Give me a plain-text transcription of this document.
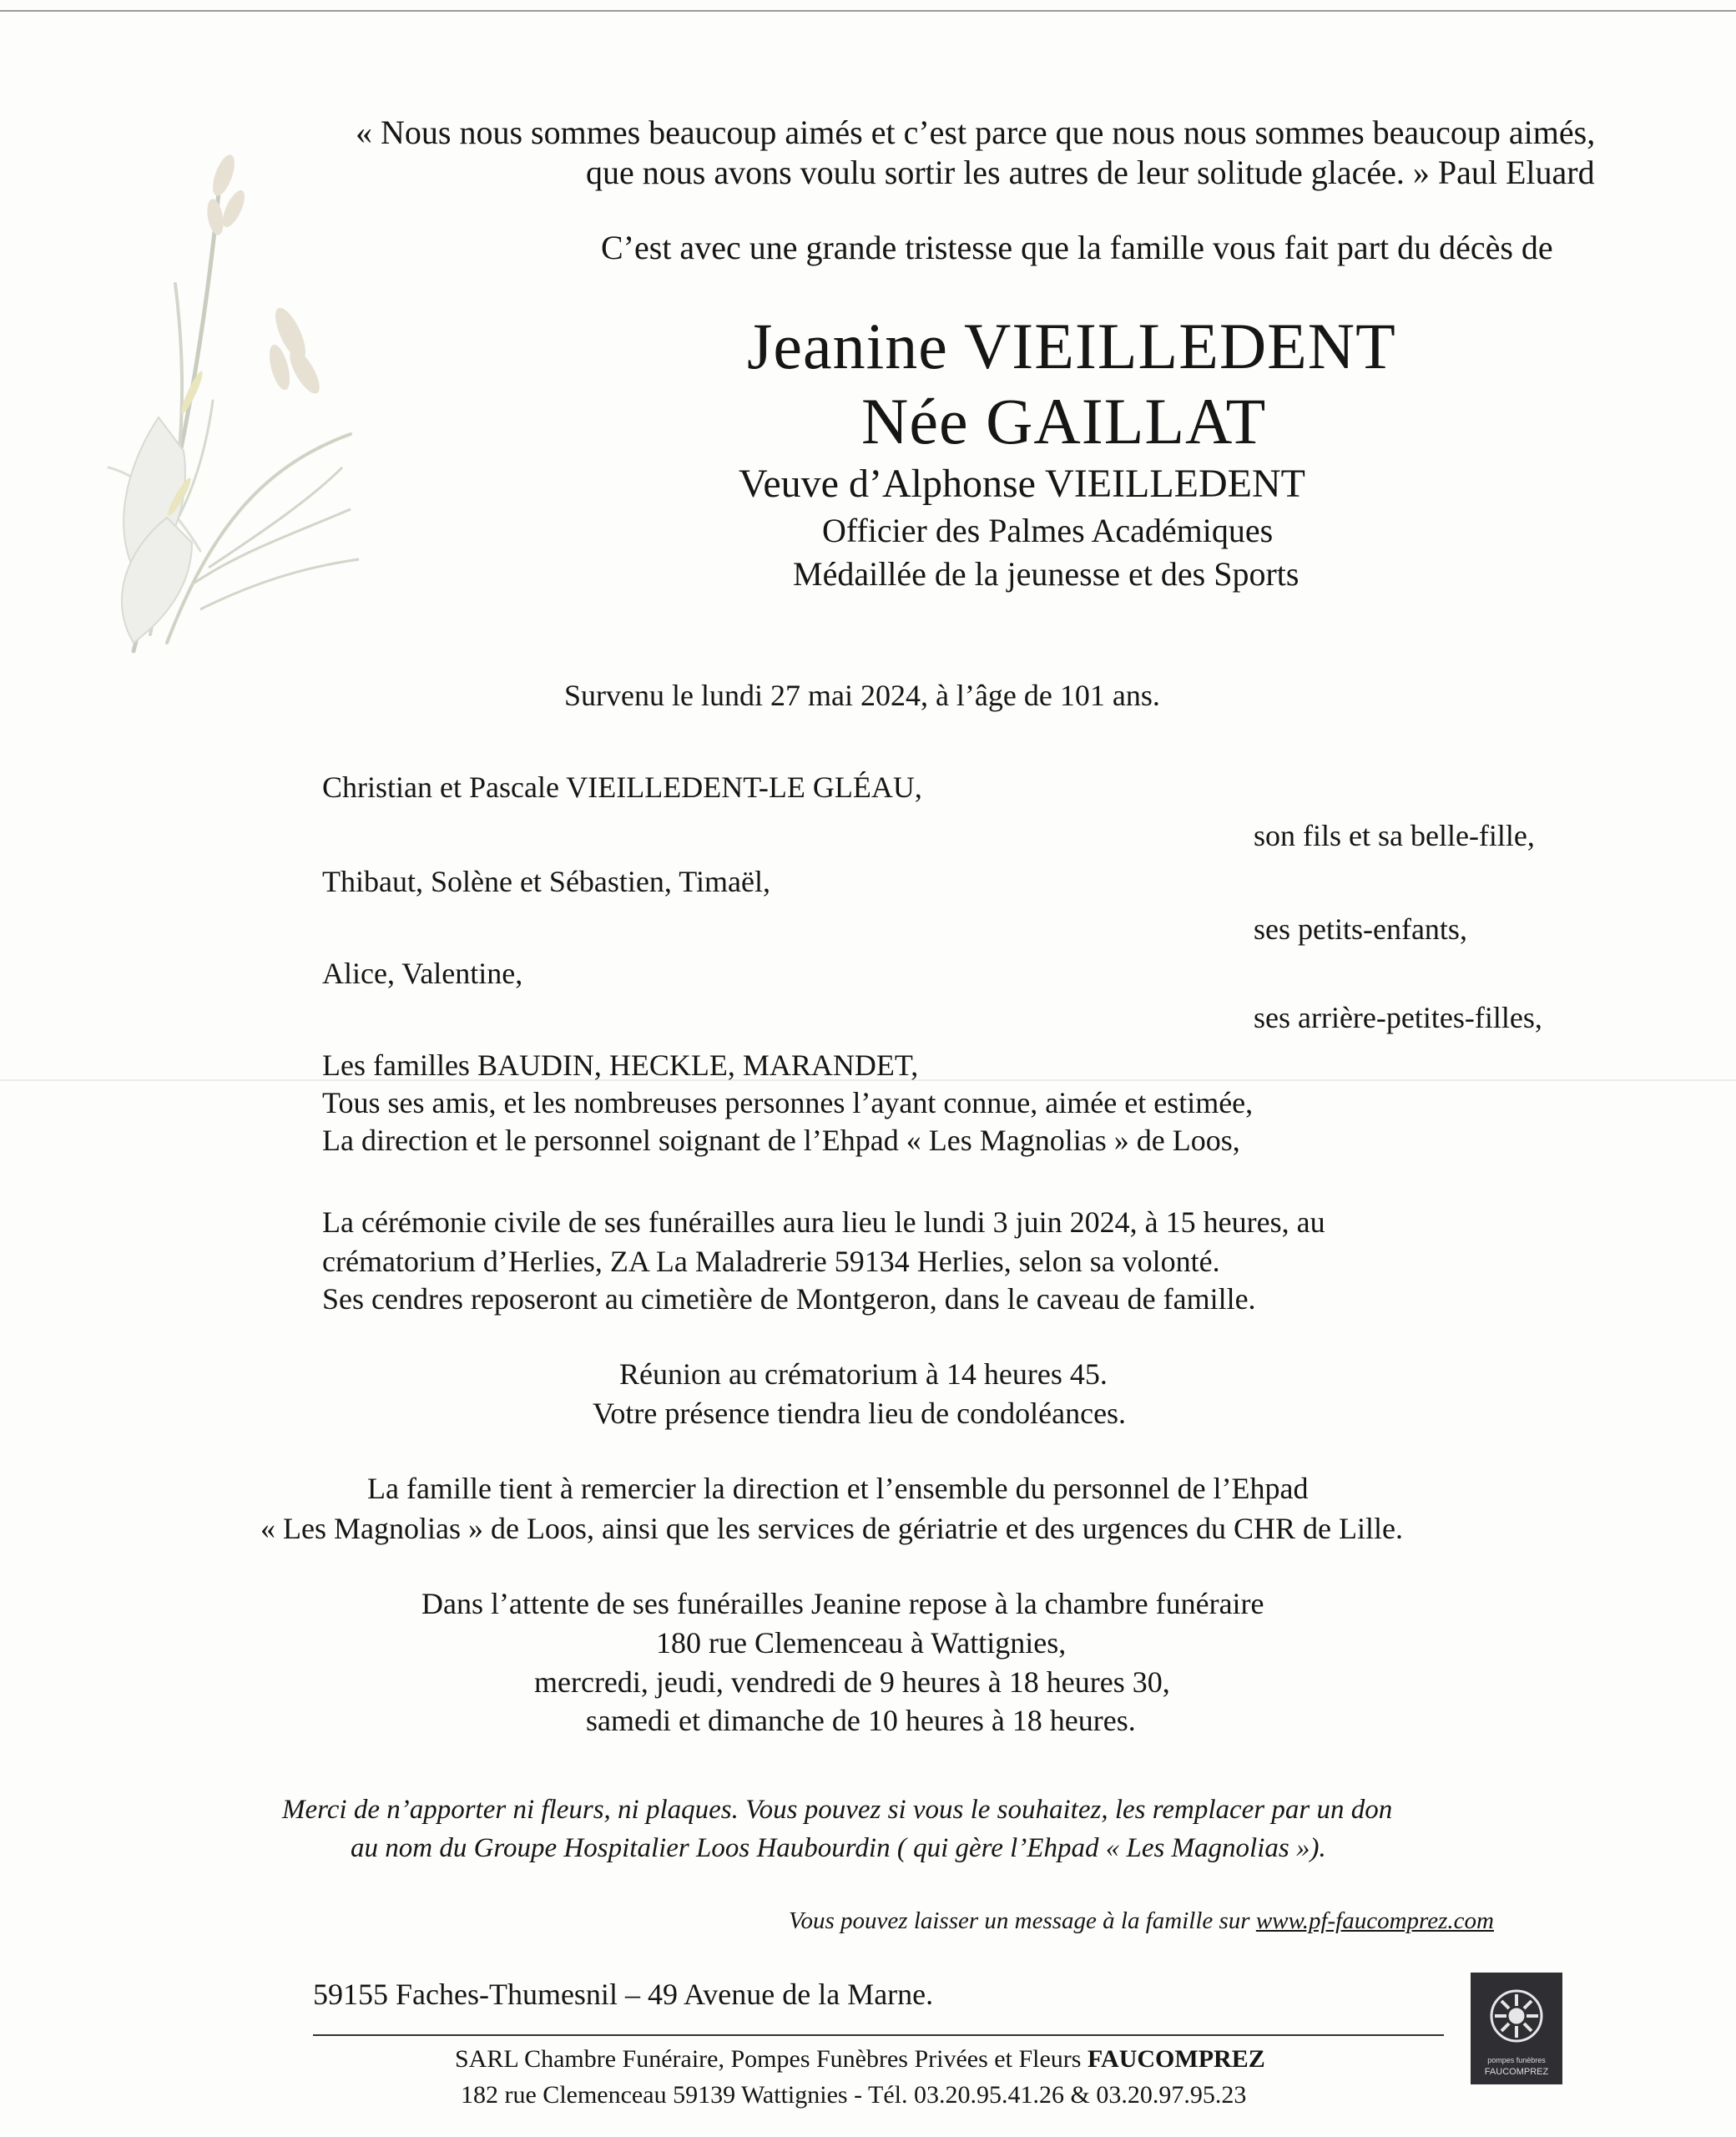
« Nous nous sommes beaucoup aimés et c’est parce que nous nous sommes beaucoup aimés,
que nous avons voulu sortir les autres de leur solitude glacée. » Paul Eluard
C’est avec une grande tristesse que la famille vous fait part du décès de
Jeanine VIEILLEDENT
Née GAILLAT
Veuve d’Alphonse VIEILLEDENT
Officier des Palmes Académiques
Médaillée de la jeunesse et des Sports
Survenu le lundi 27 mai 2024, à l’âge de 101 ans.
Christian et Pascale VIEILLEDENT-LE GLÉAU,
son fils et sa belle-fille,
Thibaut, Solène et Sébastien, Timaël,
ses petits-enfants,
Alice, Valentine,
ses arrière-petites-filles,
Les familles BAUDIN, HECKLE, MARANDET,
Tous ses amis, et les nombreuses personnes l’ayant connue, aimée et estimée,
La direction et le personnel soignant de l’Ehpad « Les Magnolias » de Loos,
La cérémonie civile de ses funérailles aura lieu le lundi 3 juin 2024, à 15 heures, au
crématorium d’Herlies, ZA La Maladrerie 59134 Herlies, selon sa volonté.
Ses cendres reposeront au cimetière de Montgeron, dans le caveau de famille.
Réunion au crématorium à 14 heures 45.
Votre présence tiendra lieu de condoléances.
La famille tient à remercier la direction et l’ensemble du personnel de l’Ehpad
« Les Magnolias » de Loos, ainsi que les services de gériatrie et des urgences du CHR de Lille.
Dans l’attente de ses funérailles Jeanine repose à la chambre funéraire
180 rue Clemenceau à Wattignies,
mercredi, jeudi, vendredi de 9 heures à 18 heures 30,
samedi et dimanche de 10 heures à 18 heures.
Merci de n’apporter ni fleurs, ni plaques. Vous pouvez si vous le souhaitez, les remplacer par un don
au nom du Groupe Hospitalier Loos Haubourdin ( qui gère l’Ehpad « Les Magnolias »).
Vous pouvez laisser un message à la famille sur www.pf-faucomprez.com
59155 Faches-Thumesnil – 49 Avenue de la Marne.
SARL Chambre Funéraire, Pompes Funèbres Privées et Fleurs FAUCOMPREZ
182 rue Clemenceau 59139 Wattignies - Tél. 03.20.95.41.26 & 03.20.97.95.23
pompes funèbres
FAUCOMPREZ
